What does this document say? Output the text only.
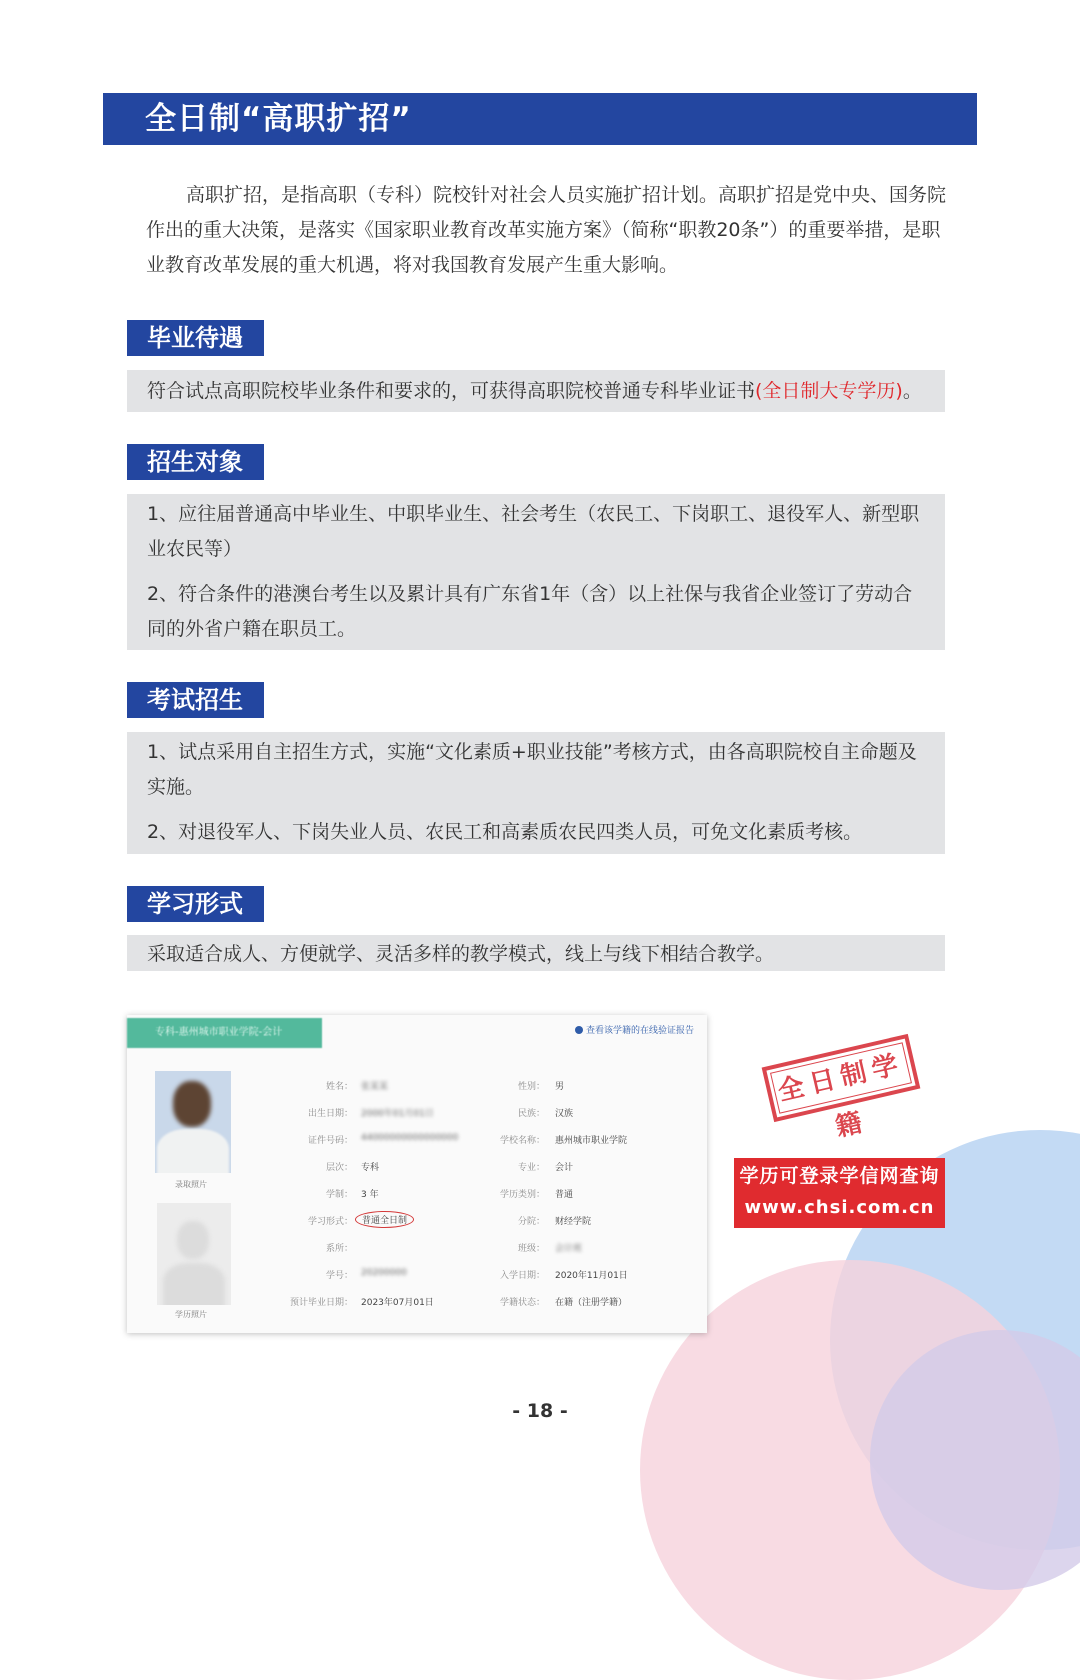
全日制“高职扩招”
高职扩招，是指高职（专科）院校针对社会人员实施扩招计划。高职扩招是党中央、国务院作出的重大决策，是落实《国家职业教育改革实施方案》（简称“职教20条”）的重要举措，是职业教育改革发展的重大机遇，将对我国教育发展产生重大影响。
毕业待遇
符合试点高职院校毕业条件和要求的，可获得高职院校普通专科毕业证书(全日制大专学历)。
招生对象
1、应往届普通高中毕业生、中职毕业生、社会考生（农民工、下岗职工、退役军人、新型职业农民等）
2、符合条件的港澳台考生以及累计具有广东省1年（含）以上社保与我省企业签订了劳动合同的外省户籍在职员工。
考试招生
1、试点采用自主招生方式，实施“文化素质+职业技能”考核方式，由各高职院校自主命题及实施。
2、对退役军人、下岗失业人员、农民工和高素质农民四类人员，可免文化素质考核。
学习形式
采取适合成人、方便就学、灵活多样的教学模式，线上与线下相结合教学。
专科-惠州城市职业学院-会计	查看该学籍的在线验证报告
录取照片
学历照片
姓名： 张某某
出生日期： 2000年01月01日
证件号码： 44000000000000000
层次： 专科
学制： 3 年
学习形式：	普通全日制
系所：
学号： 20200000
预计毕业日期： 2023年07月01日
性别： 男
民族： 汉族
学校名称： 惠州城市职业学院
专业： 会计
学历类别： 普通
分院： 财经学院
班级： 会计班
入学日期： 2020年11月01日
学籍状态： 在籍（注册学籍）
全日制学籍
学历可登录学信网查询
www.chsi.com.cn
- 18 -
